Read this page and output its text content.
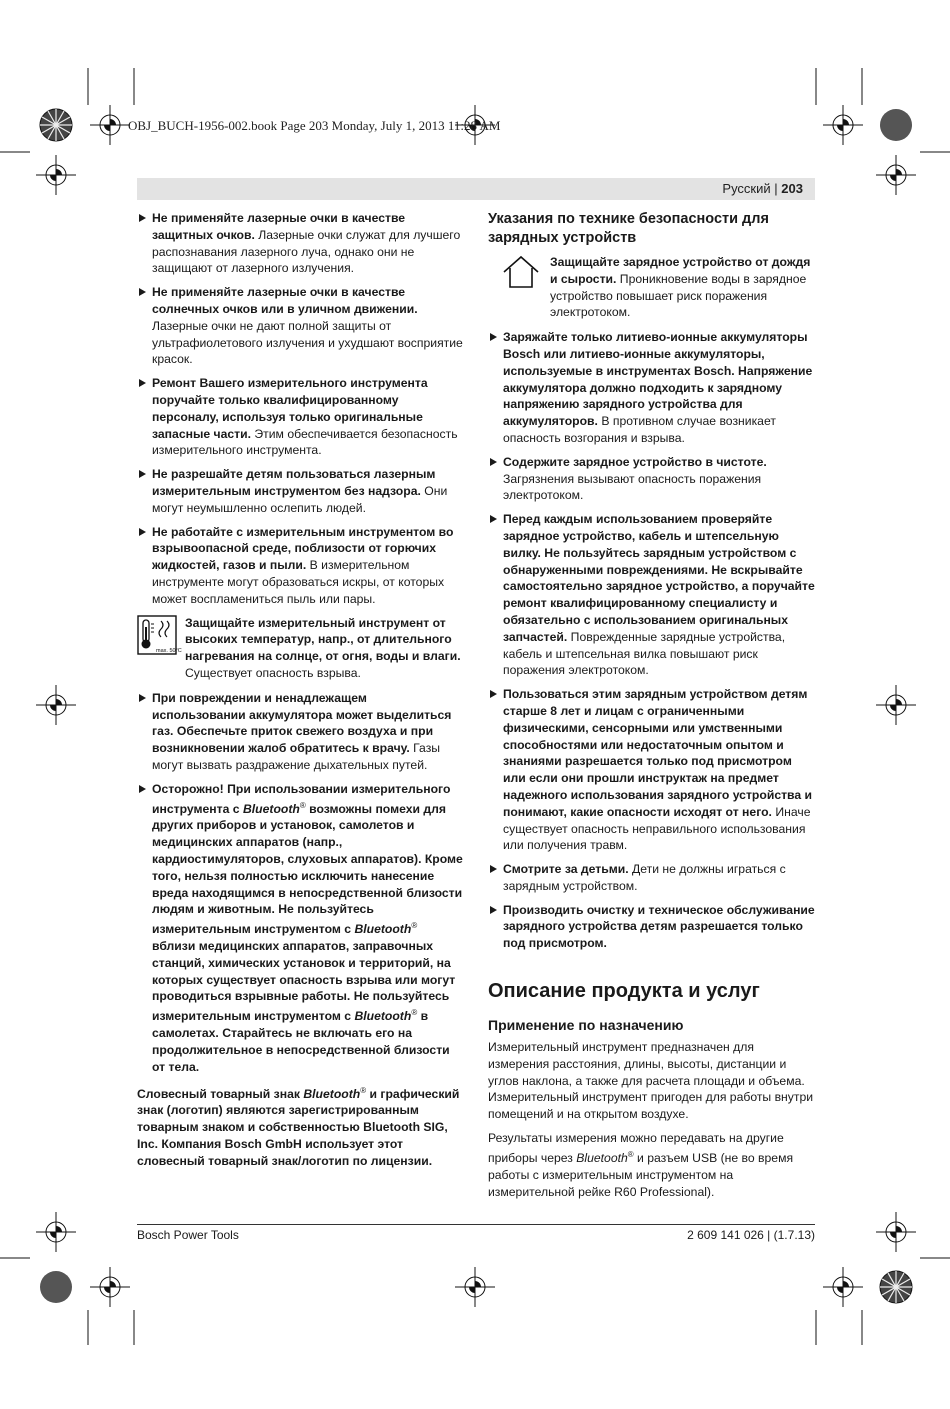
OBJ_BUCH-1956-002.book Page 203 Monday, July 1, 2013 11:28 AM
Русский | 203
Не применяйте лазерные очки в качестве защитных очков. Лазерные очки служат для лучшего распознавания лазерного луча, однако они не защищают от лазерного излучения.
Не применяйте лазерные очки в качестве солнечных очков или в уличном движении. Лазерные очки не дают полной защиты от ультрафиолетового излучения и ухудшают восприятие красок.
Ремонт Вашего измерительного инструмента поручайте только квалифицированному персоналу, используя только оригинальные запасные части. Этим обеспечивается безопасность измерительного инструмента.
Не разрешайте детям пользоваться лазерным измерительным инструментом без надзора. Они могут неумышленно ослепить людей.
Не работайте с измерительным инструментом во взрывоопасной среде, поблизости от горючих жидкостей, газов и пыли. В измерительном инструменте могут образоваться искры, от которых может воспламениться пыль или пары.
max. 50°C
Защищайте измерительный инструмент от высоких температур, напр., от длительного нагревания на солнце, от огня, воды и влаги. Существует опасность взрыва.
При повреждении и ненадлежащем использовании аккумулятора может выделиться газ. Обеспечьте приток свежего воздуха и при возникновении жалоб обратитесь к врачу. Газы могут вызвать раздражение дыхательных путей.
Осторожно! При использовании измерительного инструмента с Bluetooth® возможны помехи для других приборов и установок, самолетов и медицинских аппаратов (напр., кардиостимуляторов, слуховых аппаратов). Кроме того, нельзя полностью исключить нанесение вреда находящимся в непосредственной близости людям и животным. Не пользуйтесь измерительным инструментом с Bluetooth® вблизи медицинских аппаратов, заправочных станций, химических установок и территорий, на которых существует опасность взрыва или могут проводиться взрывные работы. Не пользуйтесь измерительным инструментом с Bluetooth® в самолетах. Старайтесь не включать его на продолжительное в непосредственной близости от тела.
Словесный товарный знак Bluetooth® и графический знак (логотип) являются зарегистрированным товарным знаком и собственностью Bluetooth SIG, Inc. Компания Bosch GmbH использует этот словесный товарный знак/логотип по лицензии.
Указания по технике безопасности для зарядных устройств
Защищайте зарядное устройство от дождя и сырости. Проникновение воды в зарядное устройство повышает риск поражения электротоком.
Заряжайте только литиево-ионные аккумуляторы Bosch или литиево-ионные аккумуляторы, используемые в инструментах Bosch. Напряжение аккумулятора должно подходить к зарядному напряжению зарядного устройства для аккумуляторов. В противном случае возникает опасность возгорания и взрыва.
Содержите зарядное устройство в чистоте. Загрязнения вызывают опасность поражения электротоком.
Перед каждым использованием проверяйте зарядное устройство, кабель и штепсельную вилку. Не пользуйтесь зарядным устройством с обнаруженными повреждениями. Не вскрывайте самостоятельно зарядное устройство, а поручайте ремонт квалифицированному специалисту и обязательно с использованием оригинальных запчастей. Поврежденные зарядные устройства, кабель и штепсельная вилка повышают риск поражения электротоком.
Пользоваться этим зарядным устройством детям старше 8 лет и лицам с ограниченными физическими, сенсорными или умственными способностями или недостаточным опытом и знаниями разрешается только под присмотром или если они прошли инструктаж на предмет надежного использования зарядного устройства и понимают, какие опасности исходят от него. Иначе существует опасность неправильного использования или получения травм.
Смотрите за детьми. Дети не должны играться с зарядным устройством.
Производить очистку и техническое обслуживание зарядного устройства детям разрешается только под присмотром.
Описание продукта и услуг
Применение по назначению
Измерительный инструмент предназначен для измерения расстояния, длины, высоты, дистанции и углов наклона, а также для расчета площади и объема. Измерительный инструмент пригоден для работы внутри помещений и на открытом воздухе.
Результаты измерения можно передавать на другие приборы через Bluetooth® и разъем USB (не во время работы с измерительным инструментом на измерительной рейке R60 Professional).
Bosch Power Tools	2 609 141 026 | (1.7.13)
